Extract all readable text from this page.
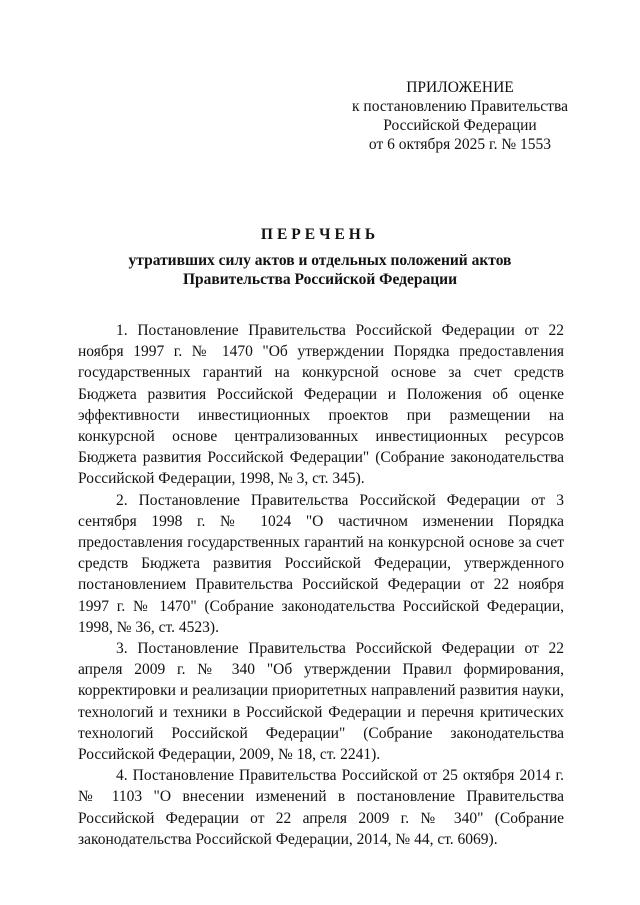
ПРИЛОЖЕНИЕ
к постановлению Правительства
Российской Федерации
от 6 октября 2025 г. № 1553
ПЕРЕЧЕНЬ
утративших силу актов и отдельных положений актов
Правительства Российской Федерации

1. Постановление Правительства Российской Федерации от 22 ноября 1997 г. № 1470 "Об утверждении Порядка предоставления государственных гарантий на конкурсной основе за счет средств Бюджета развития Российской Федерации и Положения об оценке эффективности инвестиционных проектов при размещении на конкурсной основе централизованных инвестиционных ресурсов Бюджета развития Российской Федерации" (Собрание законодательства Российской Федерации, 1998, № 3, ст. 345).

2. Постановление Правительства Российской Федерации от 3 сентября 1998 г. № 1024 "О частичном изменении Порядка предоставления государственных гарантий на конкурсной основе за счет средств Бюджета развития Российской Федерации, утвержденного постановлением Правительства Российской Федерации от 22 ноября 1997 г. № 1470" (Собрание законодательства Российской Федерации, 1998, № 36, ст. 4523).

3. Постановление Правительства Российской Федерации от 22 апреля 2009 г. № 340 "Об утверждении Правил формирования, корректировки и реализации приоритетных направлений развития науки, технологий и техники в Российской Федерации и перечня критических технологий Российской Федерации" (Собрание законодательства Российской Федерации, 2009, № 18, ст. 2241).

4. Постановление Правительства Российской от 25 октября 2014 г. № 1103 "О внесении изменений в постановление Правительства Российской Федерации от 22 апреля 2009 г. № 340" (Собрание законодательства Российской Федерации, 2014, № 44, ст. 6069).
